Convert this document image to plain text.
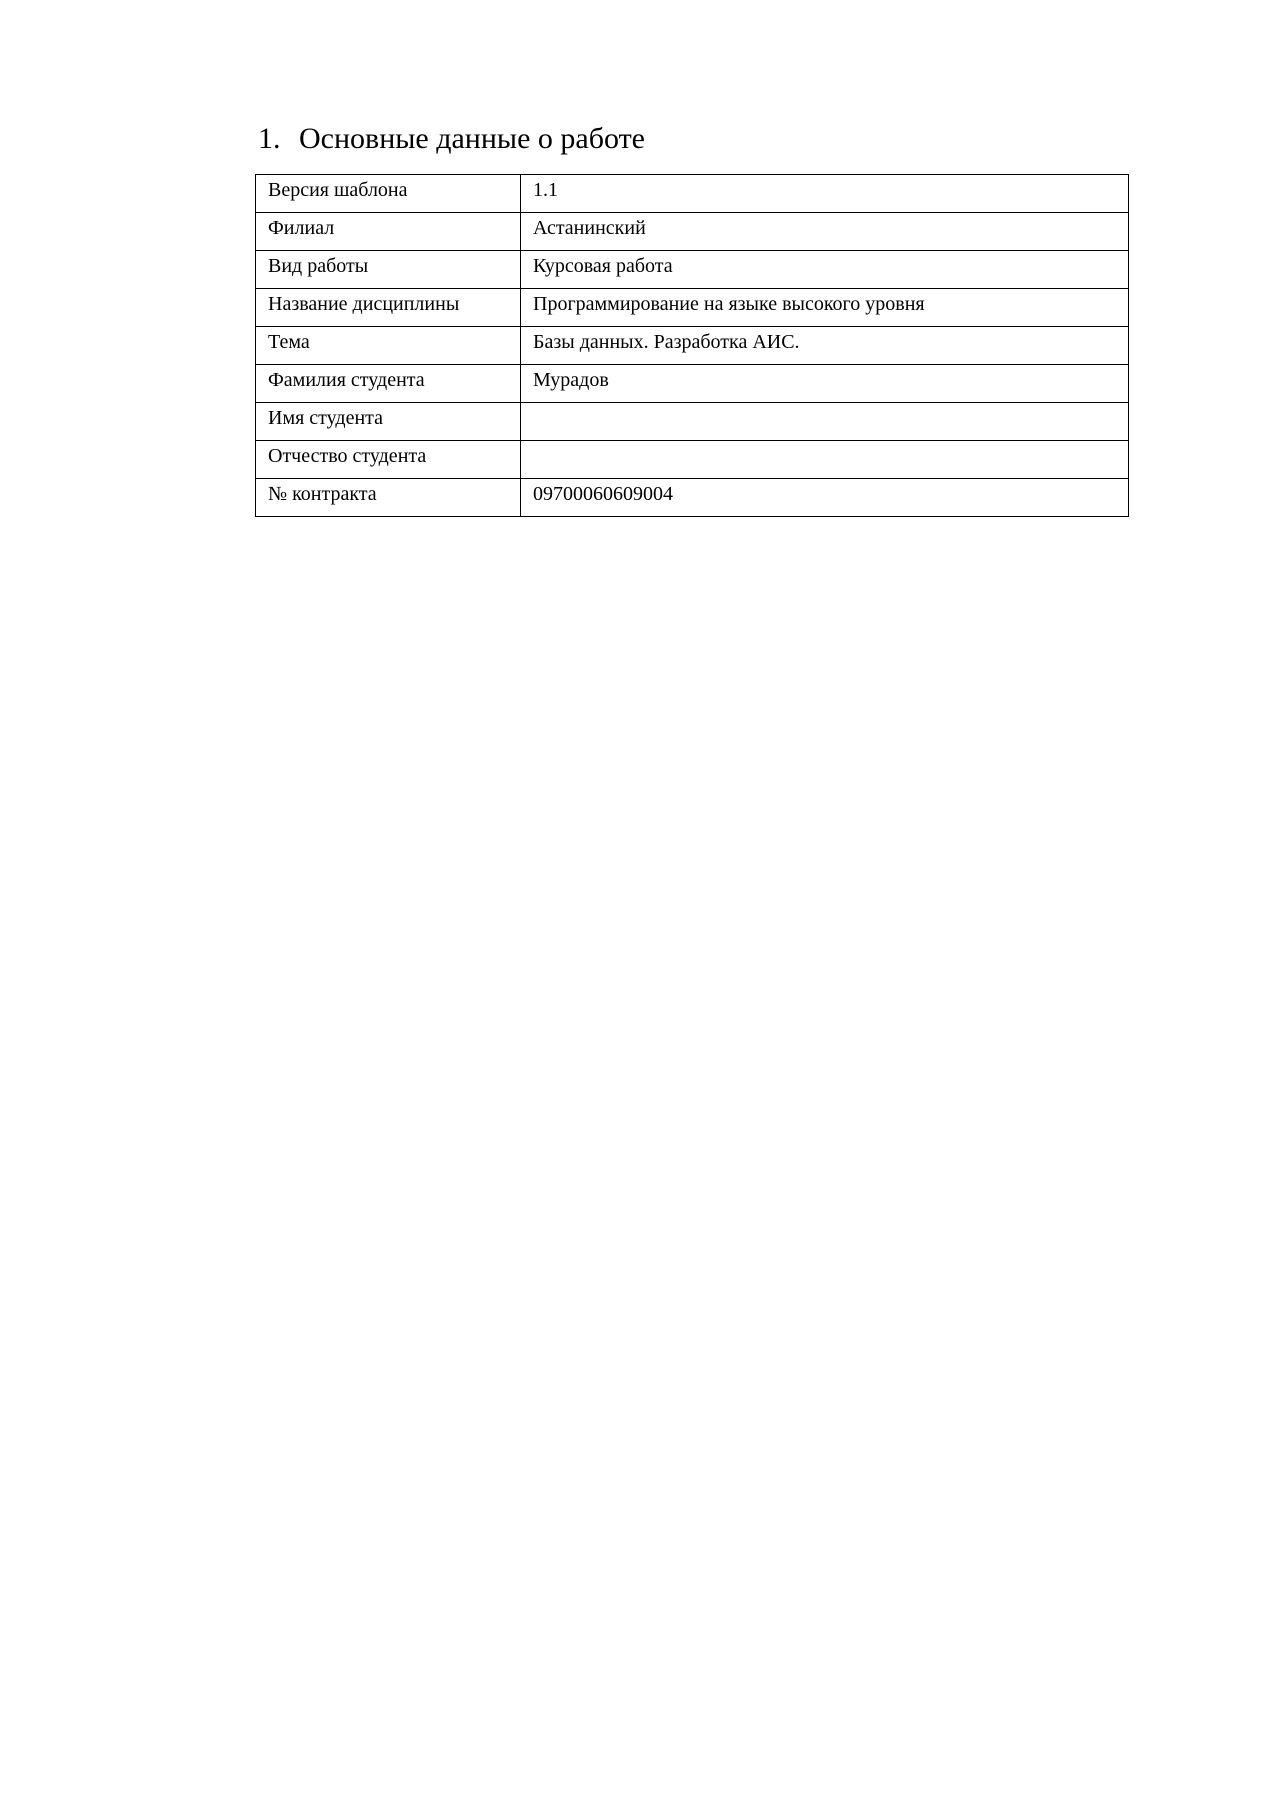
1. Основные данные о работе
Версия шаблона	1.1
Филиал	Астанинский
Вид работы	Курсовая работа
Название дисциплины	Программирование на языке высокого уровня
Тема	Базы данных. Разработка АИС.
Фамилия студента	Мурадов
Имя студента	
Отчество студента	
№ контракта	09700060609004
